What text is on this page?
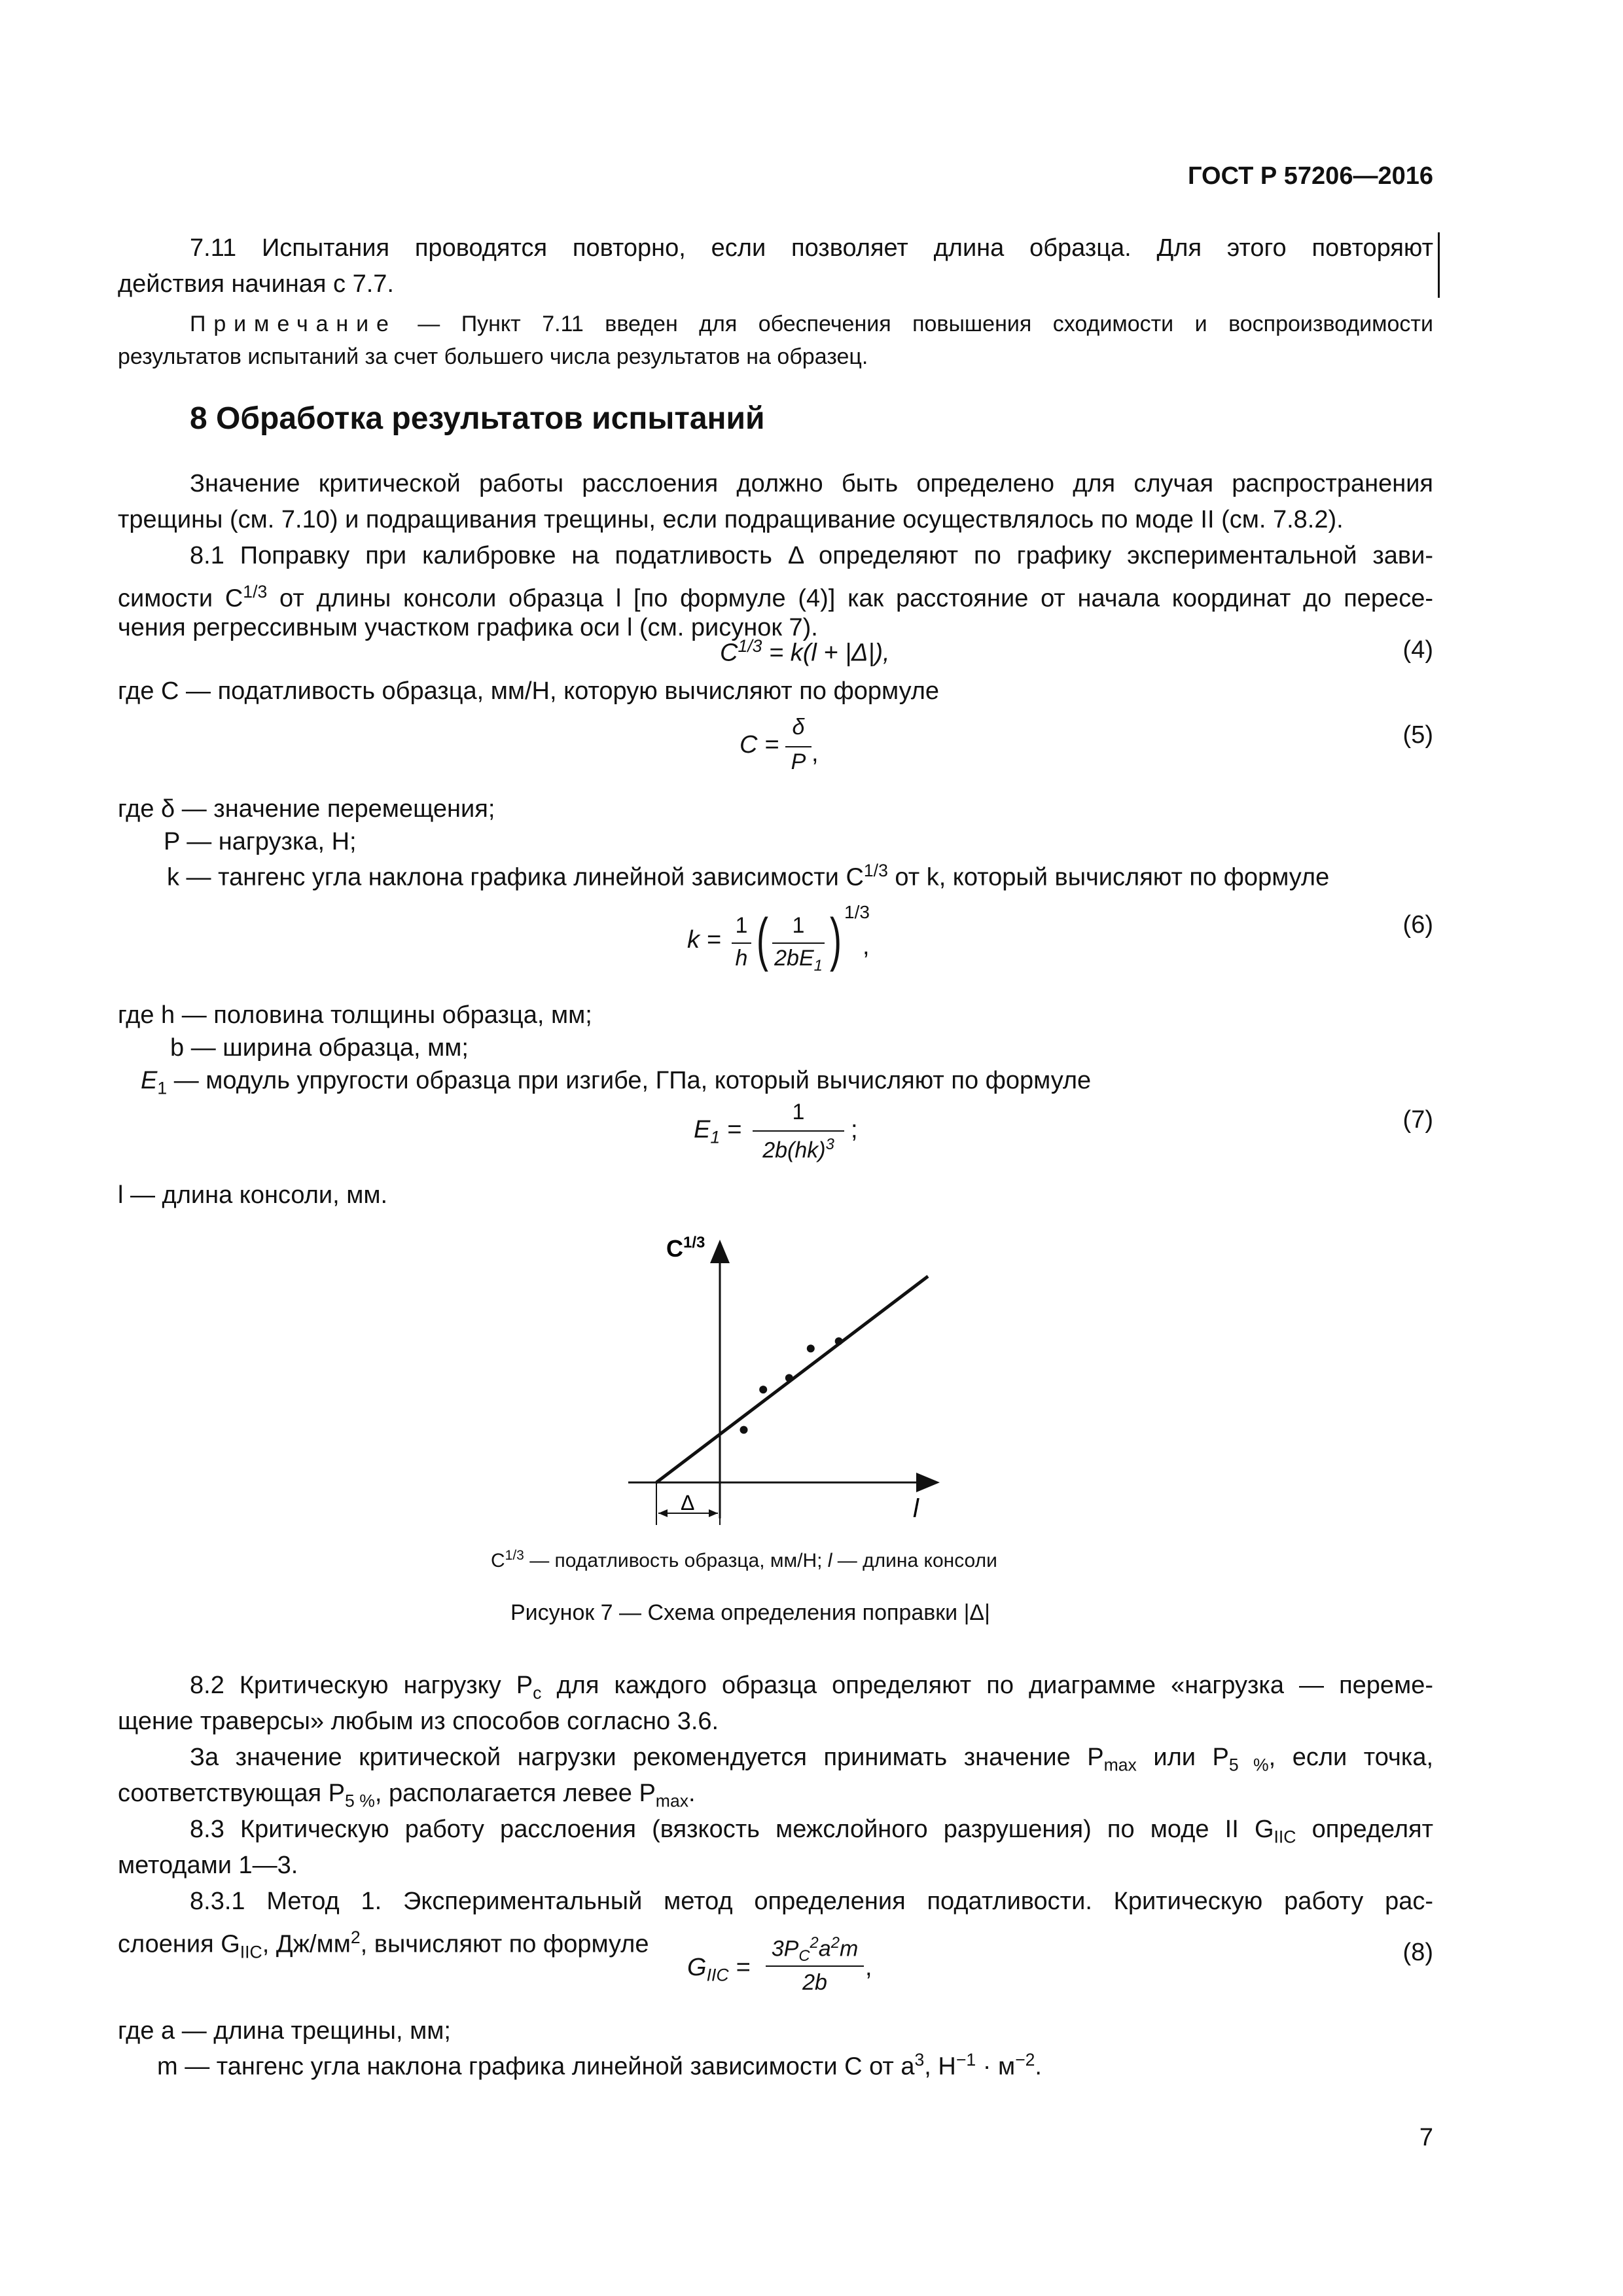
ГОСТ Р 57206—2016
7.11 Испытания проводятся повторно, если позволяет длина образца. Для этого повторяют
действия начиная с 7.7.
Примечание — Пункт 7.11 введен для обеспечения повышения сходимости и воспроизводимости
результатов испытаний за счет большего числа результатов на образец.
8 Обработка результатов испытаний
Значение критической работы расслоения должно быть определено для случая распространения
трещины (см. 7.10) и подращивания трещины, если подращивание осуществлялось по моде II (см. 7.8.2).
8.1 Поправку при калибровке на податливость Δ определяют по графику экспериментальной зави-
симости $C^{1/3}$ от длины консоли образца l [по формуле (4)] как расстояние от начала координат до пересе-
чения регрессивным участком графика оси l (см. рисунок 7).
$C^{1/3} = k(l + |\Delta|)$,	(4)
где C — податливость образца, мм/Н, которую вычисляют по формуле
C =
δ
P ,
(5)
где δ — значение перемещения;
P — нагрузка, Н;
k — тангенс угла наклона графика линейной зависимости $C^{1/3}$ от k, который вычисляют по формуле
k =
1
h (	1
$2bE_1$ ) 1/3
,
(6)
где h — половина толщины образца, мм;
b — ширина образца, мм;
$E_1$ — модуль упругости образца при изгибе, ГПа, который вычисляют по формуле
$E_1$ =
1
2b(hk)$^3$
;	(7)
l — длина консоли, мм.
Δ
$C^{1/3}$
l
$C^{1/3}$ — податливость образца, мм/Н; l — длина консоли
Рисунок 7 — Схема определения поправки |Δ|
8.2 Критическую нагрузку $P_c$ для каждого образца определяют по диаграмме «нагрузка — переме-
щение траверсы» любым из способов согласно 3.6.
За значение критической нагрузки рекомендуется принимать значение $P_{max}$ или $P_{5 \%}$, если точка,
соответствующая $P_{5 \%}$, располагается левее $P_{max}$.
8.3 Критическую работу расслоения (вязкость межслойного разрушения) по моде II $G_{IIC}$ определят
методами 1—3.
8.3.1 Метод 1. Экспериментальный метод определения податливости. Критическую работу рас-
слоения $G_{IIC}$, $Дж/мм^2$, вычисляют по формуле
$G_{IIC}$ =
$3P_C^2a^2m$
2b
,
(8)
где a — длина трещины, мм;
m — тангенс угла наклона графика линейной зависимости C от $a^3$, $Н^{-1} \cdot м^{-2}$.
7
